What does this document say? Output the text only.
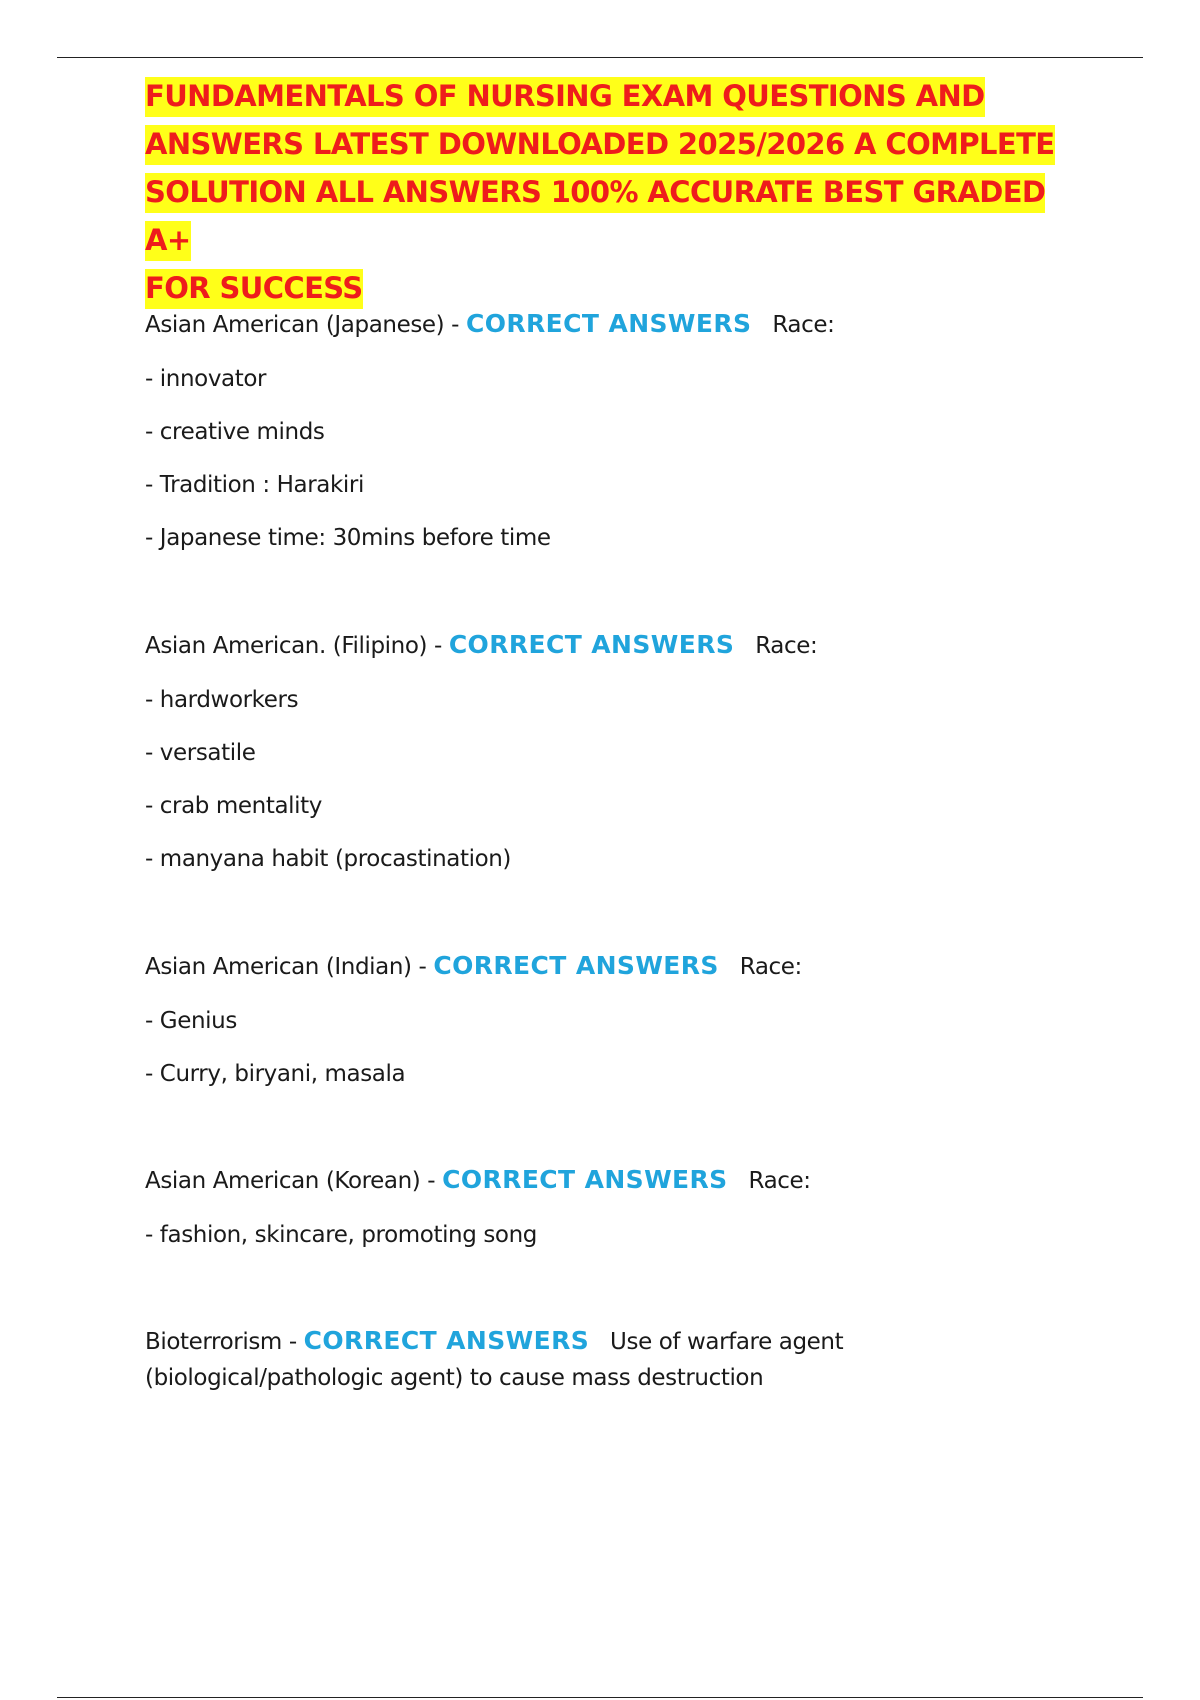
FUNDAMENTALS OF NURSING EXAM QUESTIONS AND
ANSWERS LATEST DOWNLOADED 2025/2026 A COMPLETE
SOLUTION ALL ANSWERS 100% ACCURATE BEST GRADED A+
FOR SUCCESS
Asian American (Japanese) - CORRECT ANSWERS Race:
- innovator
- creative minds
- Tradition : Harakiri
- Japanese time: 30mins before time
Asian American. (Filipino) - CORRECT ANSWERS Race:
- hardworkers
- versatile
- crab mentality
- manyana habit (procastination)
Asian American (Indian) - CORRECT ANSWERS Race:
- Genius
- Curry, biryani, masala
Asian American (Korean) - CORRECT ANSWERS Race:
- fashion, skincare, promoting song
Bioterrorism - CORRECT ANSWERS Use of warfare agent (biological/pathologic agent) to cause mass destruction
